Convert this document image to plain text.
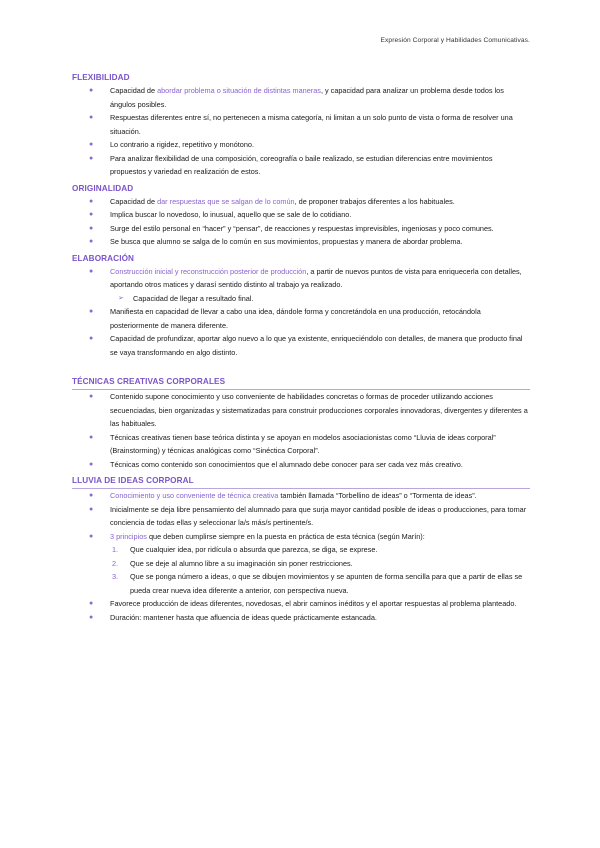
Expresión Corporal y Habilidades Comunicativas.
FLEXIBILIDAD
● Capacidad de abordar problema o situación de distintas maneras, y capacidad para analizar un problema desde todos los ángulos posibles.
● Respuestas diferentes entre sí, no pertenecen a misma categoría, ni limitan a un solo punto de vista o forma de resolver una situación.
● Lo contrario a rigidez, repetitivo y monótono.
● Para analizar flexibilidad de una composición, coreografía o baile realizado, se estudian diferencias entre movimientos propuestos y variedad en realización de estos.
ORIGINALIDAD
● Capacidad de dar respuestas que se salgan de lo común, de proponer trabajos diferentes a los habituales.
● Implica buscar lo novedoso, lo inusual, aquello que se sale de lo cotidiano.
● Surge del estilo personal en “hacer” y “pensar”, de reacciones y respuestas imprevisibles, ingeniosas y poco comunes.
● Se busca que alumno se salga de lo común en sus movimientos, propuestas y manera de abordar problema.
ELABORACIÓN
● Construcción inicial y reconstrucción posterior de producción, a partir de nuevos puntos de vista para enriquecerla con detalles, aportando otros matices y darasí sentido distinto al trabajo ya realizado.
➢ Capacidad de llegar a resultado final.
● Manifiesta en capacidad de llevar a cabo una idea, dándole forma y concretándola en una producción, retocándola posteriormente de manera diferente.
● Capacidad de profundizar, aportar algo nuevo a lo que ya existente, enriqueciéndolo con detalles, de manera que producto final se vaya transformando en algo distinto.
TÉCNICAS CREATIVAS CORPORALES
● Contenido supone conocimiento y uso conveniente de habilidades concretas o formas de proceder utilizando acciones secuenciadas, bien organizadas y sistematizadas para construir producciones corporales innovadoras, divergentes y diferentes a las habituales.
● Técnicas creativas tienen base teórica distinta y se apoyan en modelos asociacionistas como “Lluvia de ideas corporal” (Brainstorming) y técnicas analógicas como “Sinéctica Corporal”.
● Técnicas como contenido son conocimientos que el alumnado debe conocer para ser cada vez más creativo.
LLUVIA DE IDEAS CORPORAL
● Conocimiento y uso conveniente de técnica creativa también llamada “Torbellino de ideas” o “Tormenta de ideas”.
● Inicialmente se deja libre pensamiento del alumnado para que surja mayor cantidad posible de ideas o producciones, para tomar conciencia de todas ellas y seleccionar la/s más/s pertinente/s.
● 3 principios que deben cumplirse siempre en la puesta en práctica de esta técnica (según Marín):
1. Que cualquier idea, por ridícula o absurda que parezca, se diga, se exprese.
2. Que se deje al alumno libre a su imaginación sin poner restricciones.
3. Que se ponga número a ideas, o que se dibujen movimientos y se apunten de forma sencilla para que a partir de ellas se pueda crear nueva idea diferente a anterior, con perspectiva nueva.
● Favorece producción de ideas diferentes, novedosas, el abrir caminos inéditos y el aportar respuestas al problema planteado.
● Duración: mantener hasta que afluencia de ideas quede prácticamente estancada.
